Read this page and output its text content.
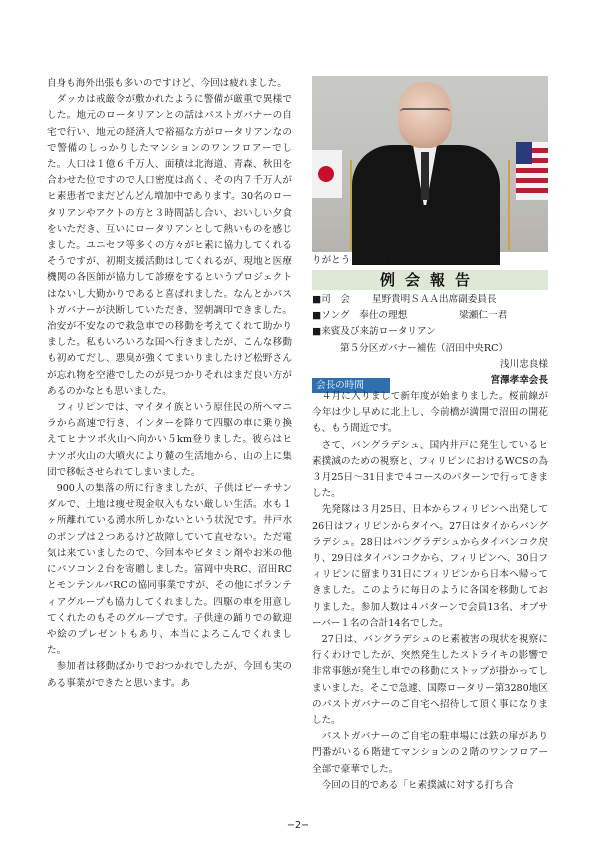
自身も海外出張も多いのですけど、今回は疲れました。

ダッカは戒厳令が敷かれたように警備が厳重で異様でした。地元のロータリアンとの話はパストガバナーの自宅で行い、地元の経済人で裕福な方がロータリアンなので警備のしっかりしたマンションのワンフロアーでした。人口は１億６千万人、面積は北海道、青森、秋田を合わせた位ですので人口密度は高く、その内７千万人がヒ素患者でまだどんどん増加中であります。30名のロータリアンやアクトの方と３時間話し合い、おいしい夕食をいただき、互いにロータリアンとして熱いものを感じました。ユニセフ等多くの方々がヒ素に協力してくれるそうですが、初期支援活動はしてくれるが、現地と医療機関の各医師が協力して診療をするというプロジェクトはないし大勤かりであると喜ばれました。なんとかパストガバナーが決断していただき、翌朝調印できました。治安が不安なので救急車での移動を考えてくれて助かりました。私もいろいろな国へ行きましたが、こんな移動も初めてだし、悪臭が強くてまいりましたけど松野さんが忘れ物を空港でしたのが見つかりそれはまだ良い方があるのかなとも思いました。

フィリピンでは、マイタイ族という原住民の所へマニラから高速で行き、インターを降りて四駆の車に乗り換えてヒナツボ火山へ向かい５km登りました。彼らはヒナツボ火山の大噴火により麓の生活地から、山の上に集団で移転させられてしまいました。

900人の集落の所に行きましたが、子供はビーチサンダルで、土地は痩せ現金収入もない厳しい生活。水も１ヶ所離れている湧水所しかないという状況です。井戸水のポンプは２つあるけど故障していて直せない。ただ電気は来ていましたので、今回本やビタミン剤やお米の他にパソコン２台を寄贈しました。富岡中央RC、沼田RCとモンテンルパRCの協同事業ですが、その他にボランティアグループも協力してくれました。四駆の車を用意してくれたのもそのグループです。子供達の踊りでの歓迎や絵のプレゼントもあり、本当によろこんでくれました。

参加者は移動ばかりでおつかれでしたが、今回も実のある事業ができたと思います。あ

りがとうございました。
例会報告
■司　会 星野貴明ＳＡＡ出席副委員長
■ソング　奉仕の理想	梁瀬仁一君
■来賓及び来訪ロータリアン
第５分区ガバナー補佐（沼田中央RC）
浅川忠良様
会長の時間	宮澤孝幸会長

４月に入りまして新年度が始まりました。桜前線が今年は少し早めに北上し、今前橋が満開で沼田の開花も、もう間近です。

さて、バングラデシュ、国内井戸に発生しているヒ素撲滅のための視察と、フィリピンにおけるWCSの為３月25日～31日まで４コースのパターンで行ってきました。

先発隊は３月25日、日本からフィリピンへ出発して26日はフィリピンからタイへ。27日はタイからバングラデシュ。28日はバングラデシュからタイバンコク戻り、29日はタイバンコクから、フィリピンへ、30日フィリピンに留まり31日にフィリピンから日本へ帰ってきました。このように毎日のように各国を移動しておりました。参加人数は４パターンで会員13名、オブサーバー１名の合計14名でした。

27日は、バングラデシュのヒ素被害の現状を視察に行くわけでしたが、突然発生したストライキの影響で非常事態が発生し車での移動にストップが掛かってしまいました。そこで急遽、国際ロータリー第3280地区のパストガバナーのご自宅へ招待して頂く事になりました。

パストガバナーのご自宅の駐車場には鉄の扉があり門番がいる６階建てマンションの２階のワンフロアー全部で豪華でした。

今回の目的である「ヒ素撲滅に対する打ち合

−2−
